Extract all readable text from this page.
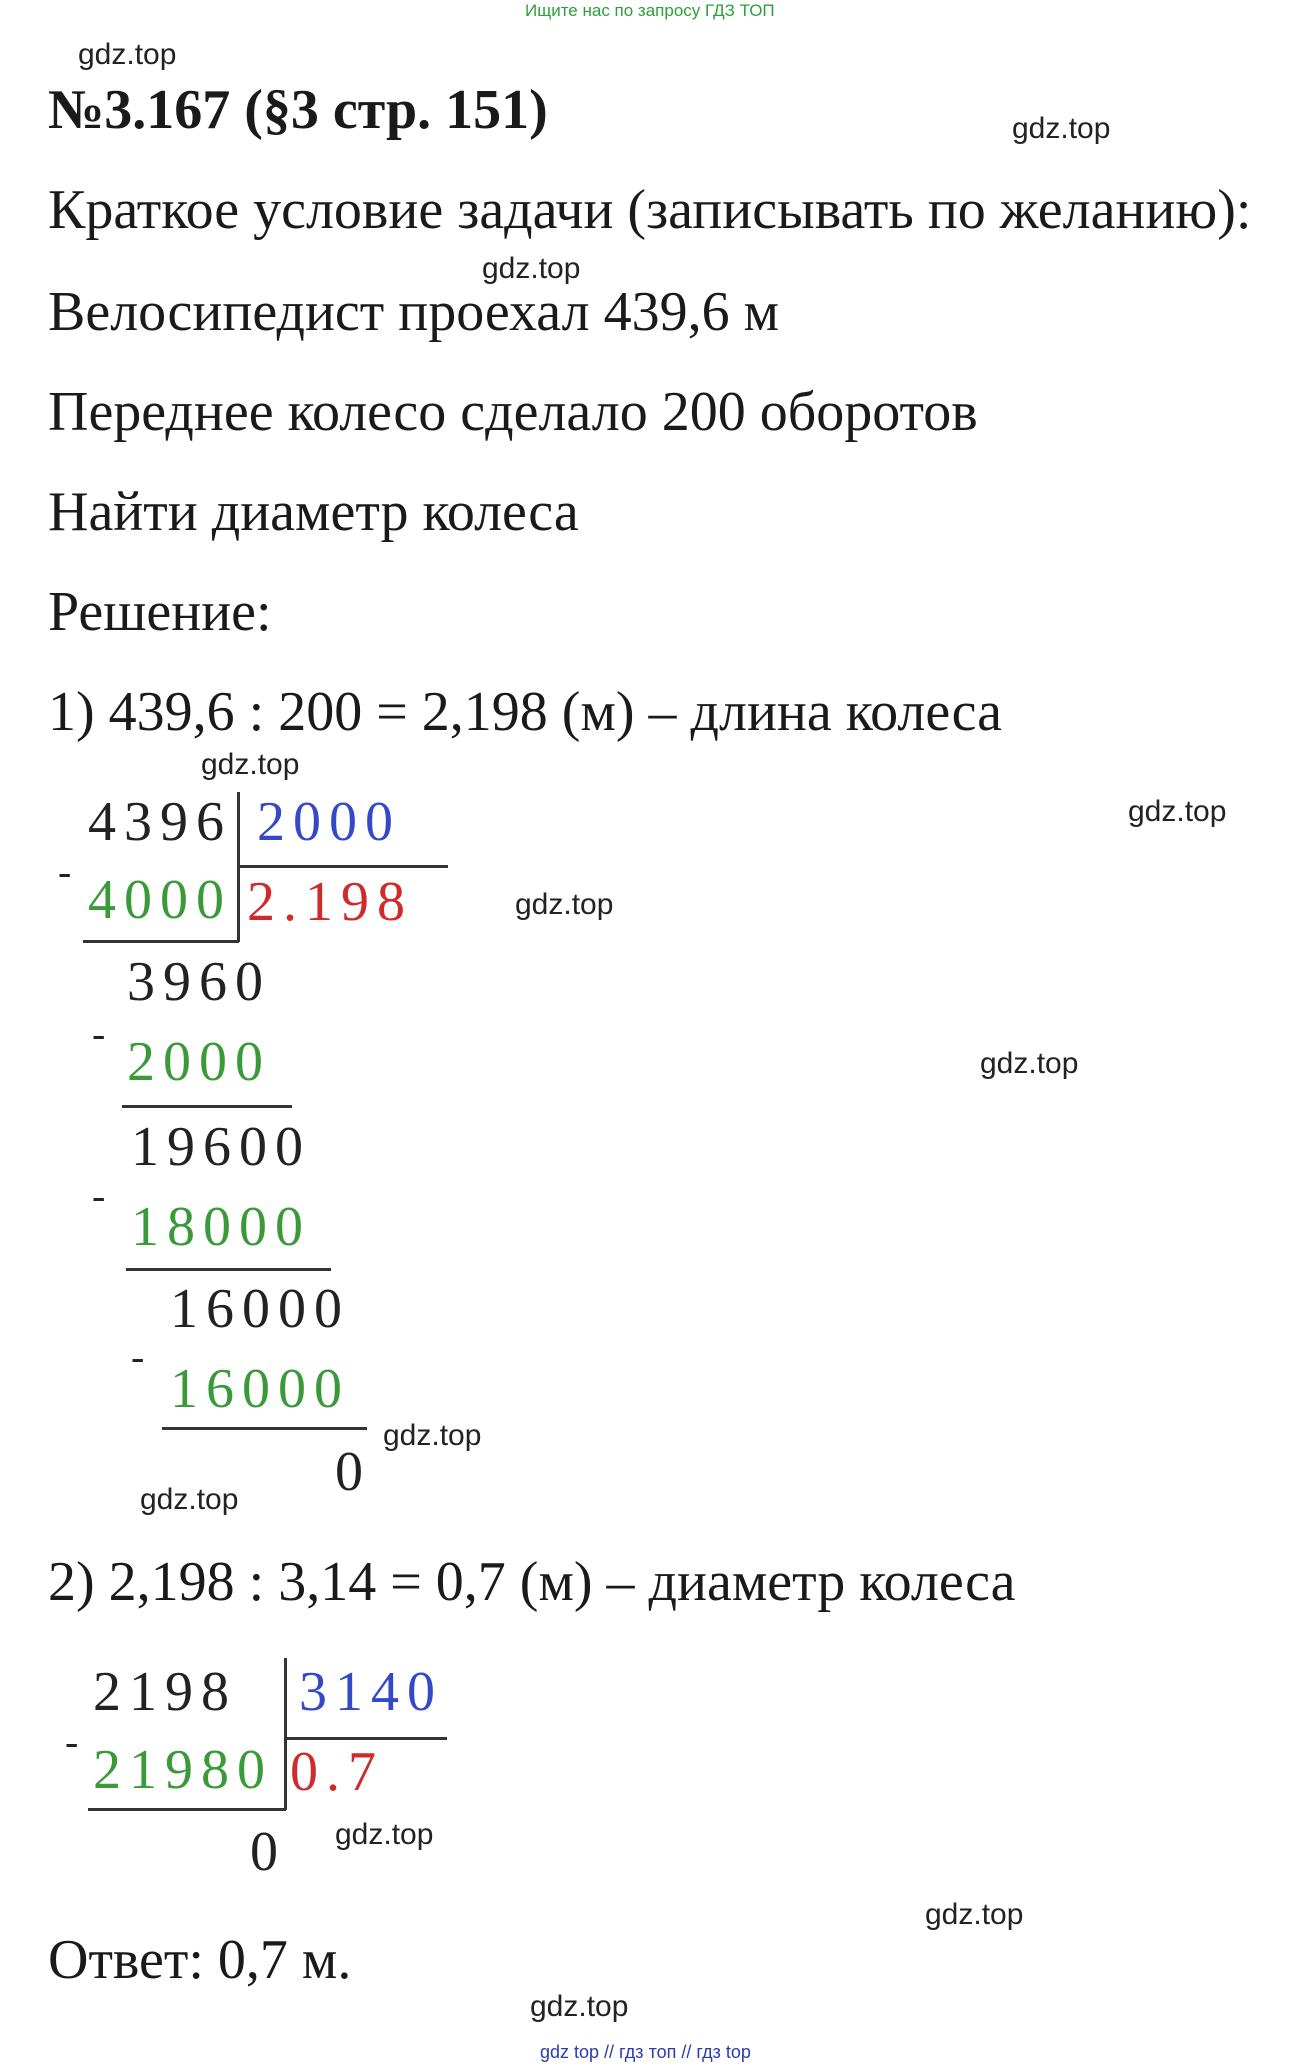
Ищите нас по запросу ГДЗ ТОП
gdz.top
gdz.top
gdz.top
gdz.top
gdz.top
gdz.top
gdz.top
gdz.top
gdz.top
gdz.top
gdz.top
gdz.top
№3.167 (§3 стр. 151)
Краткое условие задачи (записывать по желанию):
Велосипедист проехал 439,6 м
Переднее колесо сделало 200 оборотов
Найти диаметр колеса
Решение:
1) 439,6 : 200 = 2,198 (м) – длина колеса
4396 2000
- 4000 2.198
3960
- 2000
19600
-
18000
16000
-
16000
0
2) 2,198 : 3,14 = 0,7 (м) – диаметр колеса
2198 3140
- 21980 0.7
0
Ответ: 0,7 м.
gdz top // гдз топ // гдз top
